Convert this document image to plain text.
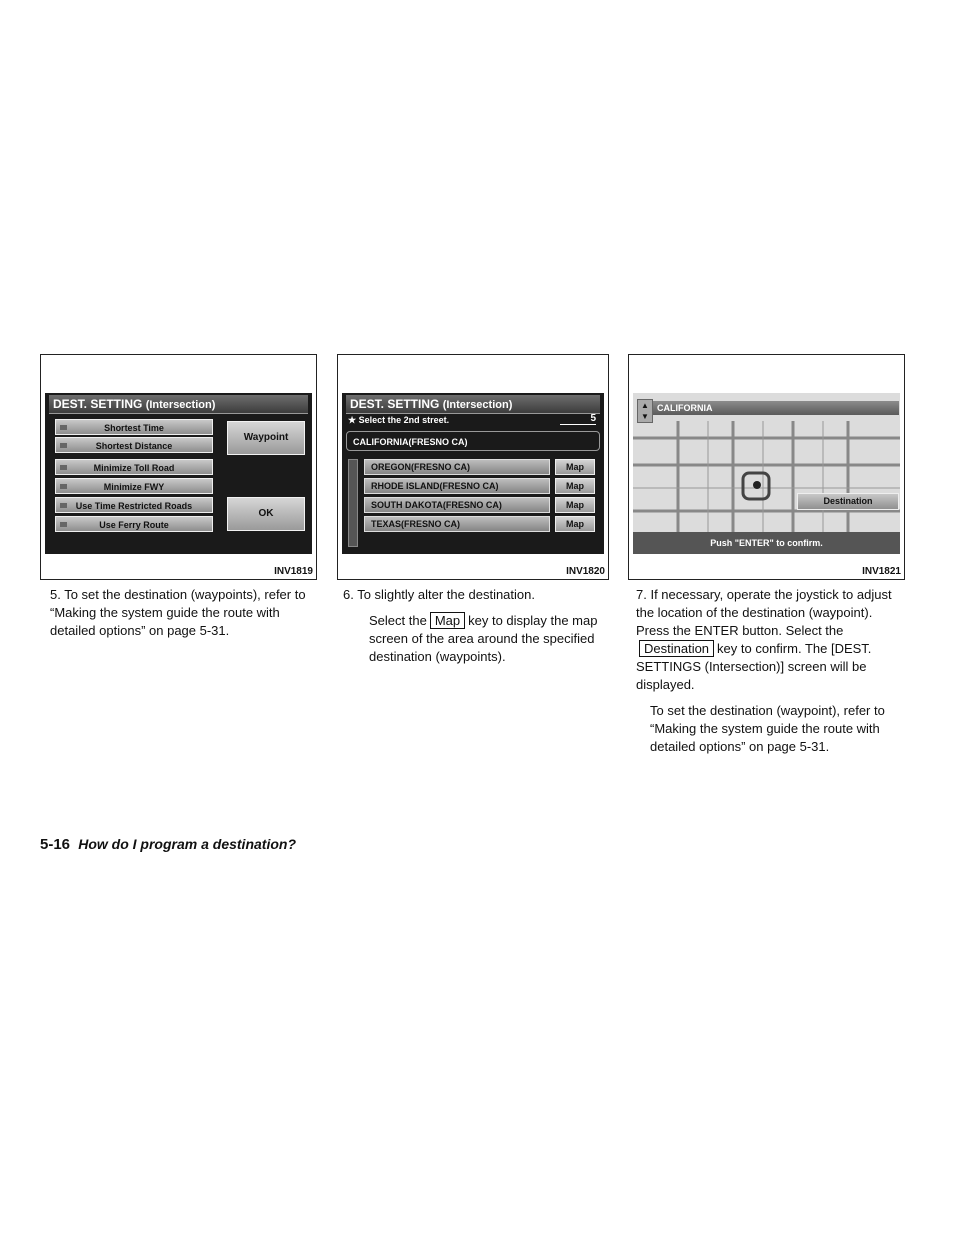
DEST. SETTING (Intersection)
Shortest Time
Shortest Distance
Minimize Toll Road
Minimize FWY
Use Time Restricted Roads
Use Ferry Route
Waypoint
OK
INV1819
DEST. SETTING (Intersection)
★ Select the 2nd street.	5
CALIFORNIA(FRESNO CA)
OREGON(FRESNO CA)	Map
RHODE ISLAND(FRESNO CA)	Map
SOUTH DAKOTA(FRESNO CA)	Map
TEXAS(FRESNO CA)	Map
INV1820
▲
▼
CALIFORNIA
Destination
Push "ENTER" to confirm.
INV1821

5. To set the destination (waypoints), refer to “Making the system guide the route with detailed options” on page 5-31.

6. To slightly alter the destination.

Select the Map key to display the map screen of the area around the specified destination (waypoints).

7. If necessary, operate the joystick to adjust the location of the destination (waypoint). Press the ENTER button. Select the Destination key to confirm. The [DEST. SETTINGS (Intersection)] screen will be displayed.

To set the destination (waypoint), refer to “Making the system guide the route with detailed options” on page 5-31.

5-16 How do I program a destination?
